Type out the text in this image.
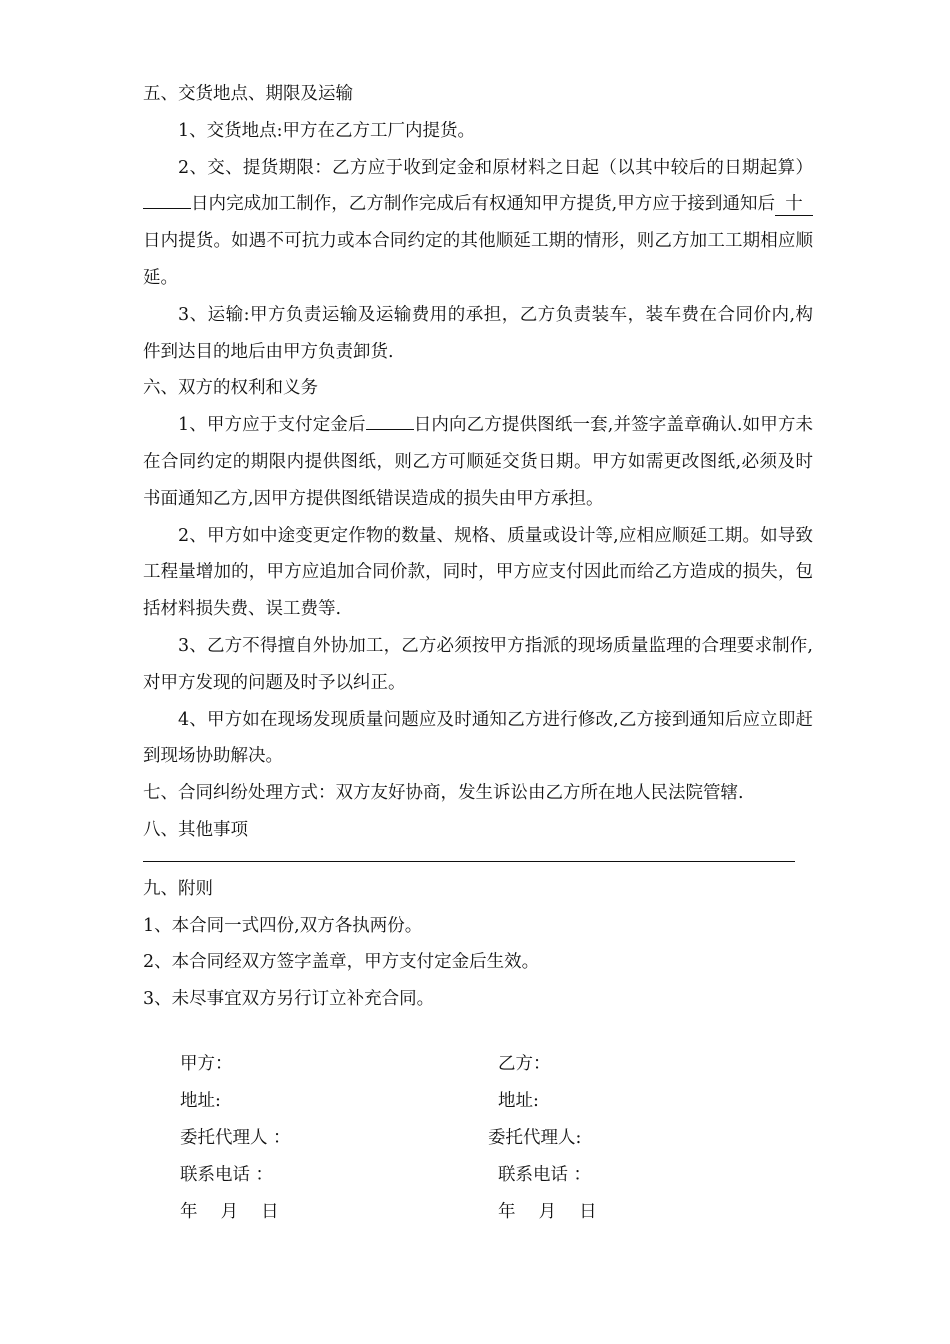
五、交货地点、期限及运输

1、交货地点:甲方在乙方工厂内提货。

2、交、提货期限：乙方应于收到定金和原材料之日起（以其中较后的日期起算）日内完成加工制作，乙方制作完成后有权通知甲方提货,甲方应于接到通知后 十日内提货。如遇不可抗力或本合同约定的其他顺延工期的情形，则乙方加工工期相应顺延。

3、运输:甲方负责运输及运输费用的承担，乙方负责装车，装车费在合同价内,构件到达目的地后由甲方负责卸货.

六、双方的权利和义务

1、甲方应于支付定金后	日内向乙方提供图纸一套,并签字盖章确认.如甲方未在合同约定的期限内提供图纸，则乙方可顺延交货日期。甲方如需更改图纸,必须及时书面通知乙方,因甲方提供图纸错误造成的损失由甲方承担。

2、甲方如中途变更定作物的数量、规格、质量或设计等,应相应顺延工期。如导致工程量增加的，甲方应追加合同价款，同时，甲方应支付因此而给乙方造成的损失，包括材料损失费、误工费等.

3、乙方不得擅自外协加工，乙方必须按甲方指派的现场质量监理的合理要求制作,对甲方发现的问题及时予以纠正。

4、甲方如在现场发现质量问题应及时通知乙方进行修改,乙方接到通知后应立即赶到现场协助解决。

七、合同纠纷处理方式：双方友好协商，发生诉讼由乙方所在地人民法院管辖.

八、其他事项

九、附则

1、本合同一式四份,双方各执两份。

2、本合同经双方签字盖章，甲方支付定金后生效。

3、未尽事宜双方另行订立补充合同。

甲方：	乙方：
地址:	地址:
委托代理人 ：	委托代理人:
联系电话 ：	联系电话 ：
年　 月　 日	年　 月　 日
